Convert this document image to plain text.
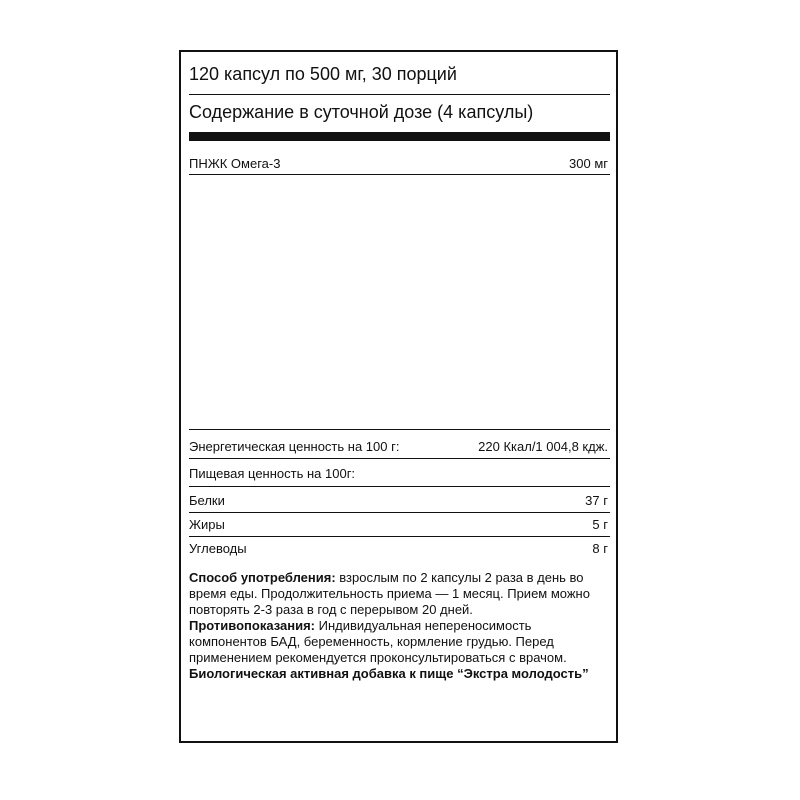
120 капсул по 500 мг, 30 порций
Содержание в суточной дозе (4 капсулы)
ПНЖК Омега-3	300 мг
Энергетическая ценность на 100 г:	220 Ккал/1 004,8 кдж.
Пищевая ценность на 100г:
Белки	37 г
Жиры	5 г
Углеводы	8 г

Способ употребления: взрослым по 2 капсулы 2 раза в день во время еды. Продолжительность приема — 1 месяц. Прием можно повторять 2-3 раза в год с перерывом 20 дней.

Противопоказания: Индивидуальная непереносимость компонентов БАД, беременность, кормление грудью. Перед применением рекомендуется проконсультироваться с врачом.

Биологическая активная добавка к пище “Экстра молодость”
